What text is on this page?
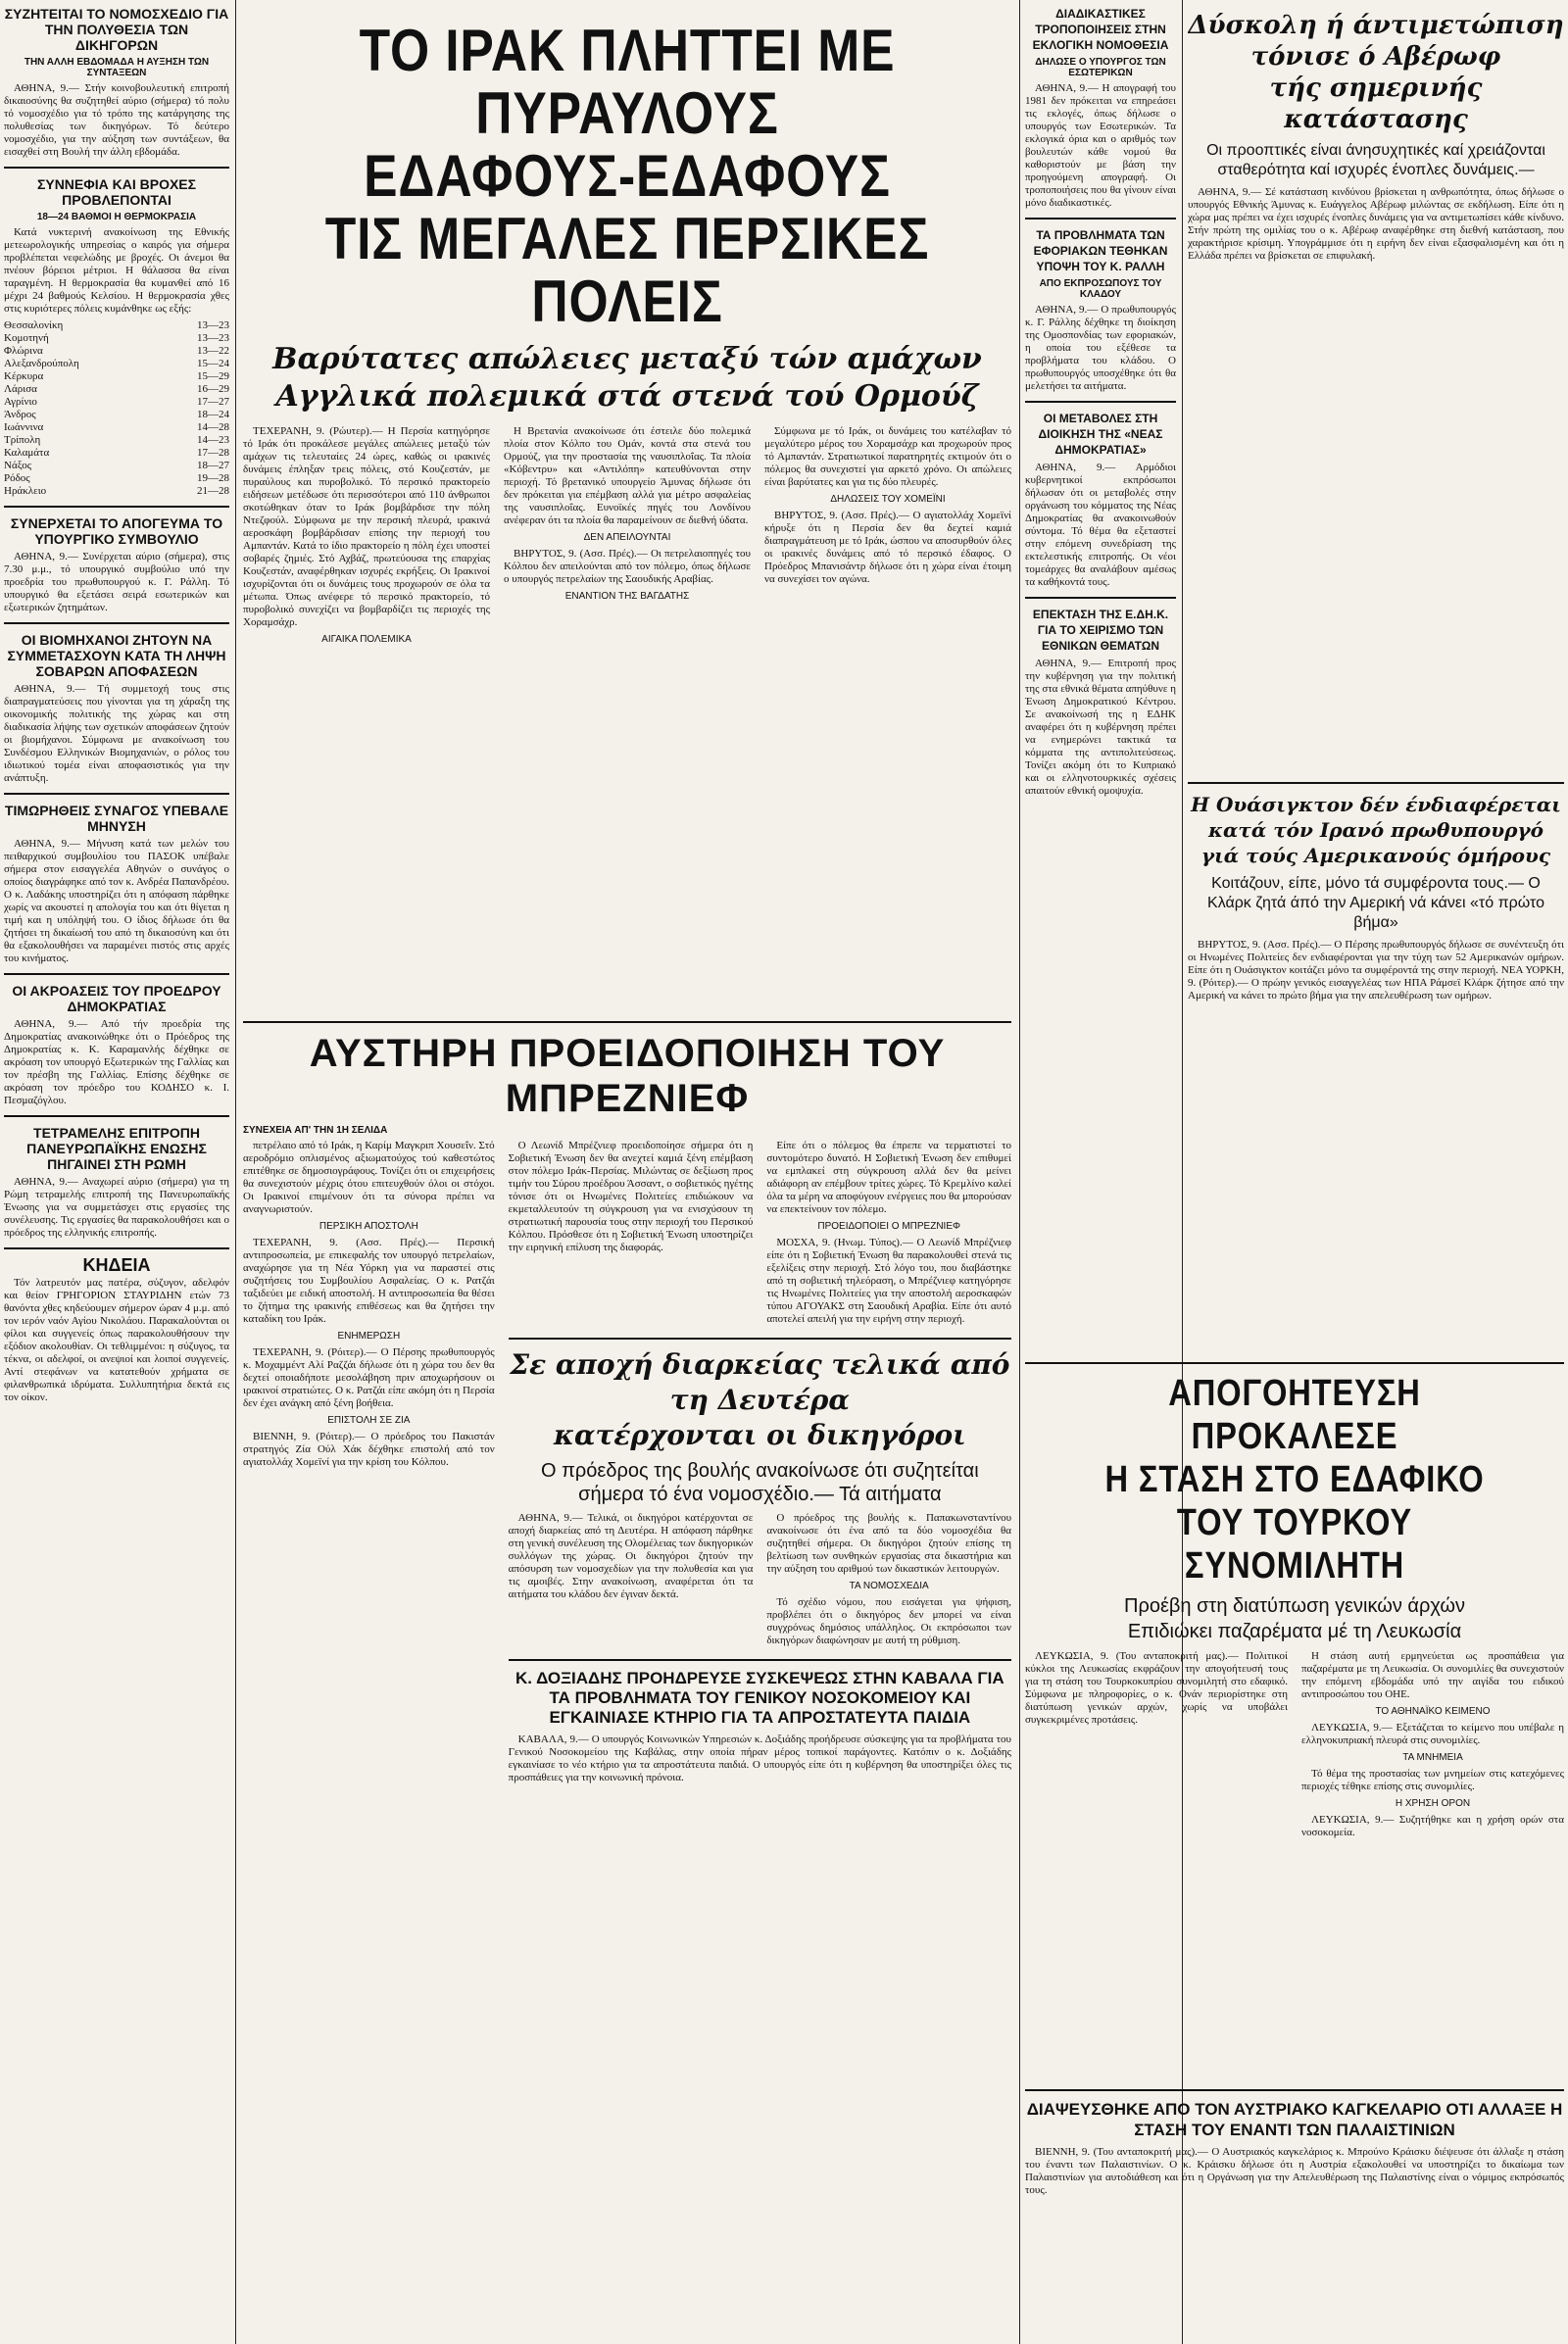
ΣΥΖΗΤΕΙΤΑΙ ΤΟ ΝΟΜΟΣΧΕΔΙΟ ΓΙΑ ΤΗΝ ΠΟΛΥΘΕΣΙΑ ΤΩΝ ΔΙΚΗΓΟΡΩΝ
ΤΗΝ ΑΛΛΗ ΕΒΔΟΜΑΔΑ Η ΑΥΞΗΣΗ ΤΩΝ ΣΥΝΤΑΞΕΩΝ

ΑΘΗΝΑ, 9.— Στήν κοινοβουλευτική επιτροπή δικαιοσύνης θα συζητηθεί αύριο (σήμερα) τό πολυ τό νομοσχέδιο για τό τρόπο της κατάργησης της πολυθεσίας των δικηγόρων. Τό δεύτερο νομοσχέδιο, για την αύξηση των συντάξεων, θα εισαχθεί στη Βουλή την άλλη εβδομάδα.

ΣΥΝΝΕΦΙΑ ΚΑΙ ΒΡΟΧΕΣ ΠΡΟΒΛΕΠΟΝΤΑΙ
18—24 ΒΑΘΜΟΙ Η ΘΕΡΜΟΚΡΑΣΙΑ

Κατά νυκτερινή ανακοίνωση της Εθνικής μετεωρολογικής υπηρεσίας ο καιρός για σήμερα προβλέπεται νεφελώδης με βροχές. Οι άνεμοι θα πνέουν βόρειοι μέτριοι. Η θάλασσα θα είναι ταραγμένη. Η θερμοκρασία θα κυμανθεί από 16 μέχρι 24 βαθμούς Κελσίου. Η θερμοκρασία χθες στις κυριότερες πόλεις κυμάνθηκε ως εξής:

Θεσσαλονίκη	13—23
Κομοτηνή	13—23
Φλώρινα	13—22
Αλεξανδρούπολη	15—24
Κέρκυρα	15—29
Λάρισα	16—29
Αγρίνιο	17—27
Άνδρος	18—24
Ιωάννινα	14—28
Τρίπολη	14—23
Καλαμάτα	17—28
Νάξος	18—27
Ρόδος	19—28
Ηράκλειο	21—28
ΣΥΝΕΡΧΕΤΑΙ ΤΟ ΑΠΟΓΕΥΜΑ ΤΟ ΥΠΟΥΡΓΙΚΟ ΣΥΜΒΟΥΛΙΟ

ΑΘΗΝΑ, 9.— Συνέρχεται αύριο (σήμερα), στις 7.30 μ.μ., τό υπουργικό συμβούλιο υπό την προεδρία του πρωθυπουργού κ. Γ. Ράλλη. Τό υπουργικό θα εξετάσει σειρά εσωτερικών και εξωτερικών ζητημάτων.

ΟΙ ΒΙΟΜΗΧΑΝΟΙ ΖΗΤΟΥΝ ΝΑ ΣΥΜΜΕΤΑΣΧΟΥΝ ΚΑΤΑ ΤΗ ΛΗΨΗ ΣΟΒΑΡΩΝ ΑΠΟΦΑΣΕΩΝ

ΑΘΗΝΑ, 9.— Τή συμμετοχή τους στις διαπραγματεύσεις που γίνονται για τη χάραξη της οικονομικής πολιτικής της χώρας και στη διαδικασία λήψης των σχετικών αποφάσεων ζητούν οι βιομήχανοι. Σύμφωνα με ανακοίνωση του Συνδέσμου Ελληνικών Βιομηχανιών, ο ρόλος του ιδιωτικού τομέα είναι αποφασιστικός για την ανάπτυξη.

ΤΙΜΩΡΗΘΕΙΣ ΣΥΝΑΓΟΣ ΥΠΕΒΑΛΕ ΜΗΝΥΣΗ

ΑΘΗΝΑ, 9.— Μήνυση κατά των μελών του πειθαρχικού συμβουλίου του ΠΑΣΟΚ υπέβαλε σήμερα στον εισαγγελέα Αθηνών ο συνάγος ο οποίος διαγράφηκε από τον κ. Ανδρέα Παπανδρέου. Ο κ. Λαδάκης υποστηρίζει ότι η απόφαση πάρθηκε χωρίς να ακουστεί η απολογία του και ότι θίγεται η τιμή και η υπόληψή του. Ο ίδιος δήλωσε ότι θα ζητήσει τη δικαίωσή του από τη δικαιοσύνη και ότι θα εξακολουθήσει να παραμένει πιστός στις αρχές του κινήματος.

ΟΙ ΑΚΡΟΑΣΕΙΣ ΤΟΥ ΠΡΟΕΔΡΟΥ ΔΗΜΟΚΡΑΤΙΑΣ

ΑΘΗΝΑ, 9.— Από τήν προεδρία της Δημοκρατίας ανακοινώθηκε ότι ο Πρόεδρος της Δημοκρατίας κ. Κ. Καραμανλής δέχθηκε σε ακρόαση τον υπουργό Εξωτερικών της Γαλλίας και τον πρέσβη της Γαλλίας. Επίσης δέχθηκε σε ακρόαση τον πρόεδρο του ΚΟΔΗΣΟ κ. Ι. Πεσμαζόγλου.

ΤΕΤΡΑΜΕΛΗΣ ΕΠΙΤΡΟΠΗ ΠΑΝΕΥΡΩΠΑΪΚΗΣ ΕΝΩΣΗΣ ΠΗΓΑΙΝΕΙ ΣΤΗ ΡΩΜΗ

ΑΘΗΝΑ, 9.— Αναχωρεί αύριο (σήμερα) για τη Ρώμη τετραμελής επιτροπή της Πανευρωπαϊκής Ένωσης για να συμμετάσχει στις εργασίες της συνέλευσης. Τις εργασίες θα παρακολουθήσει και ο πρόεδρος της ελληνικής επιτροπής.

ΚΗΔΕΙΑ

Τόν λατρευτόν μας πατέρα, σύζυγον, αδελφόν και θείον ΓΡΗΓΟΡΙΟΝ ΣΤΑΥΡΙΔΗΝ ετών 73 θανόντα χθες κηδεύουμεν σήμερον ώραν 4 μ.μ. από τον ιερόν ναόν Αγίου Νικολάου. Παρακαλούνται οι φίλοι και συγγενείς όπως παρακολουθήσουν την εξόδιον ακολουθίαν. Οι τεθλιμμένοι: η σύζυγος, τα τέκνα, οι αδελφοί, οι ανεψιοί και λοιποί συγγενείς. Αντί στεφάνων να κατατεθούν χρήματα σε φιλανθρωπικά ιδρύματα. Συλλυπητήρια δεκτά εις τον οίκον.

ΤΟ ΙΡΑΚ ΠΛΗΤΤΕΙ ΜΕ ΠΥΡΑΥΛΟΥΣ
ΕΔΑΦΟΥΣ-ΕΔΑΦΟΥΣ
ΤΙΣ ΜΕΓΑΛΕΣ ΠΕΡΣΙΚΕΣ ΠΟΛΕΙΣ
Βαρύτατες απώλειες μεταξύ τών αμάχων
Αγγλικά πολεμικά στά στενά τού Ορμούζ

ΤΕΧΕΡΑΝΗ, 9. (Ρώυτερ).— Η Περσία κατηγόρησε τό Ιράκ ότι προκάλεσε μεγάλες απώλειες μεταξύ τών αμάχων τις τελευταίες 24 ώρες, καθώς οι ιρακινές δυνάμεις έπληξαν τρεις πόλεις, στό Κουζεστάν, με πυραύλους και πυροβολικό. Τό περσικό πρακτορείο ειδήσεων μετέδωσε ότι περισσότεροι από 110 άνθρωποι σκοτώθηκαν όταν το Ιράκ βομβάρδισε την πόλη Ντεζφούλ. Σύμφωνα με την περσική πλευρά, ιρακινά αεροσκάφη βομβάρδισαν επίσης την περιοχή του Αμπαντάν. Κατά το ίδιο πρακτορείο η πόλη έχει υποστεί σοβαρές ζημιές. Στό Αχβάζ, πρωτεύουσα της επαρχίας Κουζεστάν, αναφέρθηκαν ισχυρές εκρήξεις. Οι Ιρακινοί ισχυρίζονται ότι οι δυνάμεις τους προχωρούν σε όλα τα μέτωπα. Όπως ανέφερε τό περσικό πρακτορείο, τό πυροβολικό συνεχίζει να βομβαρδίζει τις περιοχές της Χοραμσάχρ.

ΑΙΓΑΙΚΑ ΠΟΛΕΜΙΚΑ

Η Βρετανία ανακοίνωσε ότι έστειλε δύο πολεμικά πλοία στον Κόλπο του Ομάν, κοντά στα στενά του Ορμούζ, για την προστασία της ναυσιπλοΐας. Τα πλοία «Κόβεντρυ» και «Αντιλόπη» κατευθύνονται στην περιοχή. Τό βρετανικό υπουργείο Άμυνας δήλωσε ότι δεν πρόκειται για επέμβαση αλλά για μέτρο ασφαλείας της ναυσιπλοΐας. Ευνοϊκές πηγές του Λονδίνου ανέφεραν ότι τα πλοία θα παραμείνουν σε διεθνή ύδατα.

ΔΕΝ ΑΠΕΙΛΟΥΝΤΑΙ

ΒΗΡΥΤΟΣ, 9. (Ασσ. Πρές).— Οι πετρελαιοπηγές του Κόλπου δεν απειλούνται από τον πόλεμο, όπως δήλωσε ο υπουργός πετρελαίων της Σαουδικής Αραβίας.

ΕΝΑΝΤΙΟΝ ΤΗΣ ΒΑΓΔΑΤΗΣ

Σύμφωνα με τό Ιράκ, οι δυνάμεις του κατέλαβαν τό μεγαλύτερο μέρος του Χοραμσάχρ και προχωρούν προς τό Αμπαντάν. Στρατιωτικοί παρατηρητές εκτιμούν ότι ο πόλεμος θα συνεχιστεί για αρκετό χρόνο. Οι απώλειες είναι βαρύτατες και για τις δύο πλευρές.

ΔΗΛΩΣΕΙΣ ΤΟΥ ΧΟΜΕΪΝΙ

ΒΗΡΥΤΟΣ, 9. (Ασσ. Πρές).— Ο αγιατολλάχ Χομεϊνί κήρυξε ότι η Περσία δεν θα δεχτεί καμιά διαπραγμάτευση με τό Ιράκ, ώσπου να αποσυρθούν όλες οι ιρακινές δυνάμεις από τό περσικό έδαφος. Ο Πρόεδρος Μπανισάντρ δήλωσε ότι η χώρα είναι έτοιμη να συνεχίσει τον αγώνα.

ΑΥΣΤΗΡΗ ΠΡΟΕΙΔΟΠΟΙΗΣΗ ΤΟΥ ΜΠΡΕΖΝΙΕΦ
ΣΥΝΕΧΕΙΑ ΑΠ' ΤΗΝ 1Η ΣΕΛΙΔΑ

πετρέλαιο από τό Ιράκ, η Καρίμ Μαγκριπ Χουσεΐν. Στό αεροδρόμιο οπλισμένος αξιωματούχος τού καθεστώτος επιτέθηκε σε δημοσιογράφους. Τονίζει ότι οι επιχειρήσεις θα συνεχιστούν μέχρις ότου επιτευχθούν όλοι οι στόχοι. Οι Ιρακινοί επιμένουν ότι τα σύνορα πρέπει να αναγνωριστούν.

ΠΕΡΣΙΚΗ ΑΠΟΣΤΟΛΗ

ΤΕΧΕΡΑΝΗ, 9. (Ασσ. Πρές).— Περσική αντιπροσωπεία, με επικεφαλής τον υπουργό πετρελαίων, αναχώρησε για τη Νέα Υόρκη για να παραστεί στις συζητήσεις του Συμβουλίου Ασφαλείας. Ο κ. Ρατζάι ταξιδεύει με ειδική αποστολή. Η αντιπροσωπεία θα θέσει το ζήτημα της ιρακινής επιθέσεως και θα ζητήσει την καταδίκη του Ιράκ.

ΕΝΗΜΕΡΩΣΗ

ΤΕΧΕΡΑΝΗ, 9. (Ρόιτερ).— Ο Πέρσης πρωθυπουργός κ. Μοχαμμέντ Αλί Ραζζάι δήλωσε ότι η χώρα του δεν θα δεχτεί οποιαδήποτε μεσολάβηση πριν αποχωρήσουν οι ιρακινοί στρατιώτες. Ο κ. Ρατζάι είπε ακόμη ότι η Περσία δεν έχει ανάγκη από ξένη βοήθεια.

ΕΠΙΣΤΟΛΗ ΣΕ ΖΙΑ

ΒΙΕΝΝΗ, 9. (Ρόιτερ).— Ο πρόεδρος του Πακιστάν στρατηγός Ζία Ούλ Χάκ δέχθηκε επιστολή από τον αγιατολλάχ Χομεϊνί για την κρίση του Κόλπου.

Ο Λεωνίδ Μπρέζνιεφ προειδοποίησε σήμερα ότι η Σοβιετική Ένωση δεν θα ανεχτεί καμιά ξένη επέμβαση στον πόλεμο Ιράκ-Περσίας. Μιλώντας σε δεξίωση προς τιμήν του Σύρου προέδρου Άσσαντ, ο σοβιετικός ηγέτης τόνισε ότι οι Ηνωμένες Πολιτείες επιδιώκουν να εκμεταλλευτούν τη σύγκρουση για να ενισχύσουν τη στρατιωτική παρουσία τους στην περιοχή του Περσικού Κόλπου. Πρόσθεσε ότι η Σοβιετική Ένωση υποστηρίζει την ειρηνική επίλυση της διαφοράς.

Είπε ότι ο πόλεμος θα έπρεπε να τερματιστεί το συντομότερο δυνατό. Η Σοβιετική Ένωση δεν επιθυμεί να εμπλακεί στη σύγκρουση αλλά δεν θα μείνει αδιάφορη αν επέμβουν τρίτες χώρες. Τό Κρεμλίνο καλεί όλα τα μέρη να αποφύγουν ενέργειες που θα μπορούσαν να επεκτείνουν τον πόλεμο.

ΠΡΟΕΙΔΟΠΟΙΕΙ Ο ΜΠΡΕΖΝΙΕΦ

ΜΟΣΧΑ, 9. (Ηνωμ. Τύπος).— Ο Λεωνίδ Μπρέζνιεφ είπε ότι η Σοβιετική Ένωση θα παρακολουθεί στενά τις εξελίξεις στην περιοχή. Στό λόγο του, που διαβάστηκε από τη σοβιετική τηλεόραση, ο Μπρέζνιεφ κατηγόρησε τις Ηνωμένες Πολιτείες για την αποστολή αεροσκαφών τύπου ΑΓΟΥΑΚΣ στη Σαουδική Αραβία. Είπε ότι αυτό αποτελεί απειλή για την ειρήνη στην περιοχή.

Σε αποχή διαρκείας τελικά από τη Δευτέρα
κατέρχονται οι δικηγόροι
Ο πρόεδρος της βουλής ανακοίνωσε ότι συζητείται σήμερα τό ένα νομοσχέδιο.— Τά αιτήματα

ΑΘΗΝΑ, 9.— Τελικά, οι δικηγόροι κατέρχονται σε αποχή διαρκείας από τη Δευτέρα. Η απόφαση πάρθηκε στη γενική συνέλευση της Ολομέλειας των δικηγορικών συλλόγων της χώρας. Οι δικηγόροι ζητούν την απόσυρση των νομοσχεδίων για την πολυθεσία και για τις αμοιβές. Στην ανακοίνωση, αναφέρεται ότι τα αιτήματα του κλάδου δεν έγιναν δεκτά.

Ο πρόεδρος της βουλής κ. Παπακωνσταντίνου ανακοίνωσε ότι ένα από τα δύο νομοσχέδια θα συζητηθεί σήμερα. Οι δικηγόροι ζητούν επίσης τη βελτίωση των συνθηκών εργασίας στα δικαστήρια και την αύξηση του αριθμού των δικαστικών λειτουργών.

ΤΑ ΝΟΜΟΣΧΕΔΙΑ

Τό σχέδιο νόμου, που εισάγεται για ψήφιση, προβλέπει ότι ο δικηγόρος δεν μπορεί να είναι συγχρόνως δημόσιος υπάλληλος. Οι εκπρόσωποι των δικηγόρων διαφώνησαν με αυτή τη ρύθμιση.

Κ. ΔΟΞΙΑΔΗΣ ΠΡΟΗΔΡΕΥΣΕ ΣΥΣΚΕΨΕΩΣ ΣΤΗΝ ΚΑΒΑΛΑ ΓΙΑ ΤΑ ΠΡΟΒΛΗΜΑΤΑ ΤΟΥ ΓΕΝΙΚΟΥ ΝΟΣΟΚΟΜΕΙΟΥ ΚΑΙ ΕΓΚΑΙΝΙΑΣΕ ΚΤΗΡΙΟ ΓΙΑ ΤΑ ΑΠΡΟΣΤΑΤΕΥΤΑ ΠΑΙΔΙΑ

ΚΑΒΑΛΑ, 9.— Ο υπουργός Κοινωνικών Υπηρεσιών κ. Δοξιάδης προήδρευσε σύσκεψης για τα προβλήματα του Γενικού Νοσοκομείου της Καβάλας, στην οποία πήραν μέρος τοπικοί παράγοντες. Κατόπιν ο κ. Δοξιάδης εγκαινίασε το νέο κτήριο για τα απροστάτευτα παιδιά. Ο υπουργός είπε ότι η κυβέρνηση θα υποστηρίξει όλες τις προσπάθειες για την κοινωνική πρόνοια.

ΔΙΑΔΙΚΑΣΤΙΚΕΣ ΤΡΟΠΟΠΟΙΗΣΕΙΣ ΣΤΗΝ ΕΚΛΟΓΙΚΗ ΝΟΜΟΘΕΣΙΑ
ΔΗΛΩΣΕ Ο ΥΠΟΥΡΓΟΣ ΤΩΝ ΕΣΩΤΕΡΙΚΩΝ

ΑΘΗΝΑ, 9.— Η απογραφή του 1981 δεν πρόκειται να επηρεάσει τις εκλογές, όπως δήλωσε ο υπουργός των Εσωτερικών. Τα εκλογικά όρια και ο αριθμός των βουλευτών κάθε νομού θα καθοριστούν με βάση την προηγούμενη απογραφή. Οι τροποποιήσεις που θα γίνουν είναι μόνο διαδικαστικές.

ΤΑ ΠΡΟΒΛΗΜΑΤΑ ΤΩΝ ΕΦΟΡΙΑΚΩΝ ΤΕΘΗΚΑΝ ΥΠΟΨΗ ΤΟΥ Κ. ΡΑΛΛΗ
ΑΠΟ ΕΚΠΡΟΣΩΠΟΥΣ ΤΟΥ ΚΛΑΔΟΥ

ΑΘΗΝΑ, 9.— Ο πρωθυπουργός κ. Γ. Ράλλης δέχθηκε τη διοίκηση της Ομοσπονδίας των εφοριακών, η οποία του εξέθεσε τα προβλήματα του κλάδου. Ο πρωθυπουργός υποσχέθηκε ότι θα μελετήσει τα αιτήματα.

ΟΙ ΜΕΤΑΒΟΛΕΣ ΣΤΗ ΔΙΟΙΚΗΣΗ ΤΗΣ «ΝΕΑΣ ΔΗΜΟΚΡΑΤΙΑΣ»

ΑΘΗΝΑ, 9.— Αρμόδιοι κυβερνητικοί εκπρόσωποι δήλωσαν ότι οι μεταβολές στην οργάνωση του κόμματος της Νέας Δημοκρατίας θα ανακοινωθούν σύντομα. Τό θέμα θα εξεταστεί στην επόμενη συνεδρίαση της εκτελεστικής επιτροπής. Οι νέοι τομεάρχες θα αναλάβουν αμέσως τα καθήκοντά τους.

ΕΠΕΚΤΑΣΗ ΤΗΣ Ε.ΔΗ.Κ. ΓΙΑ ΤΟ ΧΕΙΡΙΣΜΟ ΤΩΝ ΕΘΝΙΚΩΝ ΘΕΜΑΤΩΝ

ΑΘΗΝΑ, 9.— Επιτροπή προς την κυβέρνηση για την πολιτική της στα εθνικά θέματα απηύθυνε η Ένωση Δημοκρατικού Κέντρου. Σε ανακοίνωσή της η ΕΔΗΚ αναφέρει ότι η κυβέρνηση πρέπει να ενημερώνει τακτικά τα κόμματα της αντιπολιτεύσεως. Τονίζει ακόμη ότι το Κυπριακό και οι ελληνοτουρκικές σχέσεις απαιτούν εθνική ομοψυχία.

Δύσκολη ή άντιμετώπιση
τόνισε ό Αβέρωφ
τής σημερινής κατάστασης
Οι προοπτικές είναι άνησυχητικές καί χρειάζονται σταθερότητα καί ισχυρές ένοπλες δυνάμεις.—

ΑΘΗΝΑ, 9.— Σέ κατάσταση κινδύνου βρίσκεται η ανθρωπότητα, όπως δήλωσε ο υπουργός Εθνικής Άμυνας κ. Ευάγγελος Αβέρωφ μιλώντας σε εκδήλωση. Είπε ότι η χώρα μας πρέπει να έχει ισχυρές ένοπλες δυνάμεις για να αντιμετωπίσει κάθε κίνδυνο. Στήν πρώτη της ομιλίας του ο κ. Αβέρωφ αναφέρθηκε στη διεθνή κατάσταση, που χαρακτήρισε κρίσιμη. Υπογράμμισε ότι η ειρήνη δεν είναι εξασφαλισμένη και ότι η Ελλάδα πρέπει να βρίσκεται σε επιφυλακή.

Η Ουάσιγκτον δέν ένδιαφέρεται
κατά τόν Ιρανό πρωθυπουργό
γιά τούς Αμερικανούς όμήρους
Κοιτάζουν, είπε, μόνο τά συμφέροντα τους.— Ο Κλάρκ ζητά άπό την Αμερική νά κάνει «τό πρώτο βήμα»

ΒΗΡΥΤΟΣ, 9. (Ασσ. Πρές).— Ο Πέρσης πρωθυπουργός δήλωσε σε συνέντευξη ότι οι Ηνωμένες Πολιτείες δεν ενδιαφέρονται για την τύχη των 52 Αμερικανών ομήρων. Είπε ότι η Ουάσιγκτον κοιτάζει μόνο τα συμφέροντά της στην περιοχή. ΝΕΑ ΥΟΡΚΗ, 9. (Ρόιτερ).— Ο πρώην γενικός εισαγγελέας των ΗΠΑ Ράμσεϊ Κλάρκ ζήτησε από την Αμερική να κάνει το πρώτο βήμα για την απελευθέρωση των ομήρων.

ΑΠΟΓΟΗΤΕΥΣΗ ΠΡΟΚΑΛΕΣΕ
Η ΣΤΑΣΗ ΣΤΟ ΕΔΑΦΙΚΟ
ΤΟΥ ΤΟΥΡΚΟΥ ΣΥΝΟΜΙΛΗΤΗ
Προέβη στη διατύπωση γενικών άρχών
Επιδιώκει παζαρέματα μέ τη Λευκωσία

ΛΕΥΚΩΣΙΑ, 9. (Του ανταποκριτή μας).— Πολιτικοί κύκλοι της Λευκωσίας εκφράζουν την απογοήτευσή τους για τη στάση του Τουρκοκυπρίου συνομιλητή στο εδαφικό. Σύμφωνα με πληροφορίες, ο κ. Ονάν περιορίστηκε στη διατύπωση γενικών αρχών, χωρίς να υποβάλει συγκεκριμένες προτάσεις.

Η στάση αυτή ερμηνεύεται ως προσπάθεια για παζαρέματα με τη Λευκωσία. Οι συνομιλίες θα συνεχιστούν την επόμενη εβδομάδα υπό την αιγίδα του ειδικού αντιπροσώπου του ΟΗΕ.

ΤΟ ΑΘΗΝΑΪΚΟ ΚΕΙΜΕΝΟ

ΛΕΥΚΩΣΙΑ, 9.— Εξετάζεται το κείμενο που υπέβαλε η ελληνοκυπριακή πλευρά στις συνομιλίες.

ΤΑ ΜΝΗΜΕΙΑ

Τό θέμα της προστασίας των μνημείων στις κατεχόμενες περιοχές τέθηκε επίσης στις συνομιλίες.

Η ΧΡΗΣΗ ΟΡΟΝ

ΛΕΥΚΩΣΙΑ, 9.— Συζητήθηκε και η χρήση ορών στα νοσοκομεία.

ΔΙΑΨΕΥΣΘΗΚΕ ΑΠΟ ΤΟΝ ΑΥΣΤΡΙΑΚΟ ΚΑΓΚΕΛΑΡΙΟ ΟΤΙ ΑΛΛΑΞΕ Η ΣΤΑΣΗ ΤΟΥ ΕΝΑΝΤΙ ΤΩΝ ΠΑΛΑΙΣΤΙΝΙΩΝ

ΒΙΕΝΝΗ, 9. (Του ανταποκριτή μας).— Ο Αυστριακός καγκελάριος κ. Μπρούνο Κράισκυ διέψευσε ότι άλλαξε η στάση του έναντι των Παλαιστινίων. Ο κ. Κράισκυ δήλωσε ότι η Αυστρία εξακολουθεί να υποστηρίζει το δικαίωμα των Παλαιστινίων για αυτοδιάθεση και ότι η Οργάνωση για την Απελευθέρωση της Παλαιστίνης είναι ο νόμιμος εκπρόσωπός τους.
